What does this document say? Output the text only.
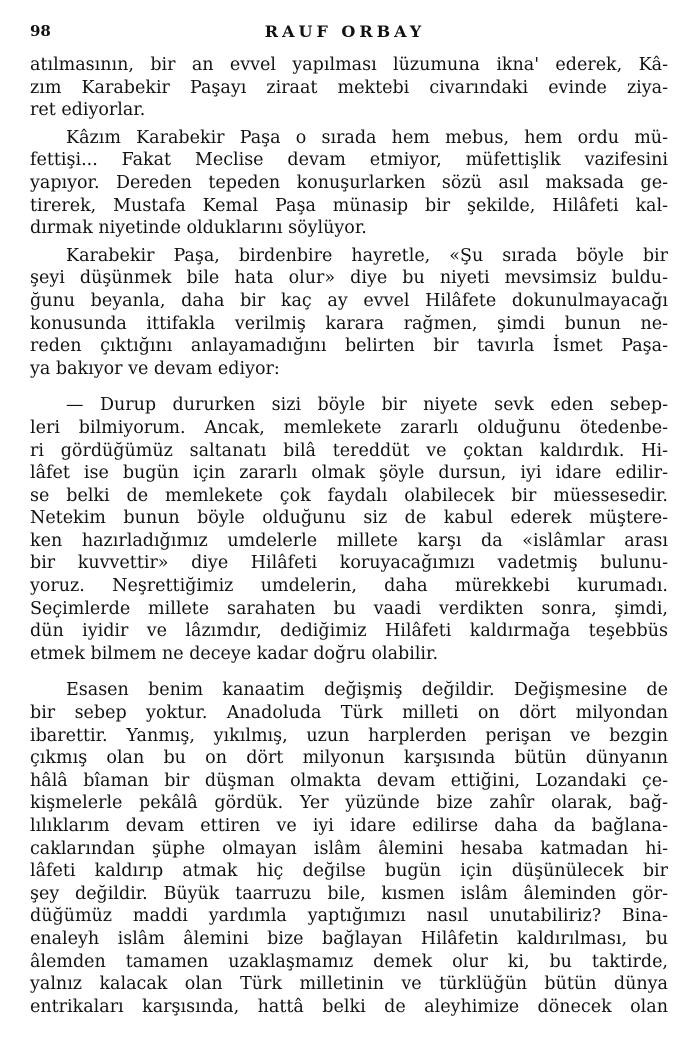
98	RAUF ORBAY
atılmasının, bir an evvel yapılması lüzumuna ikna' ederek, Kâ-
zım Karabekir Paşayı ziraat mektebi civarındaki evinde ziya-
ret ediyorlar.
Kâzım Karabekir Paşa o sırada hem mebus, hem ordu mü-
fettişi... Fakat Meclise devam etmiyor, müfettişlik vazifesini
yapıyor. Dereden tepeden konuşurlarken sözü asıl maksada ge-
tirerek, Mustafa Kemal Paşa münasip bir şekilde, Hilâfeti kal-
dırmak niyetinde olduklarını söylüyor.
Karabekir Paşa, birdenbire hayretle, «Şu sırada böyle bir
şeyi düşünmek bile hata olur» diye bu niyeti mevsimsiz buldu-
ğunu beyanla, daha bir kaç ay evvel Hilâfete dokunulmayacağı
konusunda ittifakla verilmiş karara rağmen, şimdi bunun ne-
reden çıktığını anlayamadığını belirten bir tavırla İsmet Paşa-
ya bakıyor ve devam ediyor:
— Durup dururken sizi böyle bir niyete sevk eden sebep-
leri bilmiyorum. Ancak, memlekete zararlı olduğunu ötedenbe-
ri gördüğümüz saltanatı bilâ tereddüt ve çoktan kaldırdık. Hi-
lâfet ise bugün için zararlı olmak şöyle dursun, iyi idare edilir-
se belki de memlekete çok faydalı olabilecek bir müessesedir.
Netekim bunun böyle olduğunu siz de kabul ederek müştere-
ken hazırladığımız umdelerle millete karşı da «islâmlar arası
bir kuvvettir» diye Hilâfeti koruyacağımızı vadetmiş bulunu-
yoruz. Neşrettiğimiz umdelerin, daha mürekkebi kurumadı.
Seçimlerde millete sarahaten bu vaadi verdikten sonra, şimdi,
dün iyidir ve lâzımdır, dediğimiz Hilâfeti kaldırmağa teşebbüs
etmek bilmem ne deceye kadar doğru olabilir.
Esasen benim kanaatim değişmiş değildir. Değişmesine de
bir sebep yoktur. Anadoluda Türk milleti on dört milyondan
ibarettir. Yanmış, yıkılmış, uzun harplerden perişan ve bezgin
çıkmış olan bu on dört milyonun karşısında bütün dünyanın
hâlâ bîaman bir düşman olmakta devam ettiğini, Lozandaki çe-
kişmelerle pekâlâ gördük. Yer yüzünde bize zahîr olarak, bağ-
lılıklarım devam ettiren ve iyi idare edilirse daha da bağlana-
caklarından şüphe olmayan islâm âlemini hesaba katmadan hi-
lâfeti kaldırıp atmak hiç değilse bugün için düşünülecek bir
şey değildir. Büyük taarruzu bile, kısmen islâm âleminden gör-
düğümüz maddi yardımla yaptığımızı nasıl unutabiliriz? Bina-
enaleyh islâm âlemini bize bağlayan Hilâfetin kaldırılması, bu
âlemden tamamen uzaklaşmamız demek olur ki, bu taktirde,
yalnız kalacak olan Türk milletinin ve türklüğün bütün dünya
entrikaları karşısında, hattâ belki de aleyhimize dönecek olan
